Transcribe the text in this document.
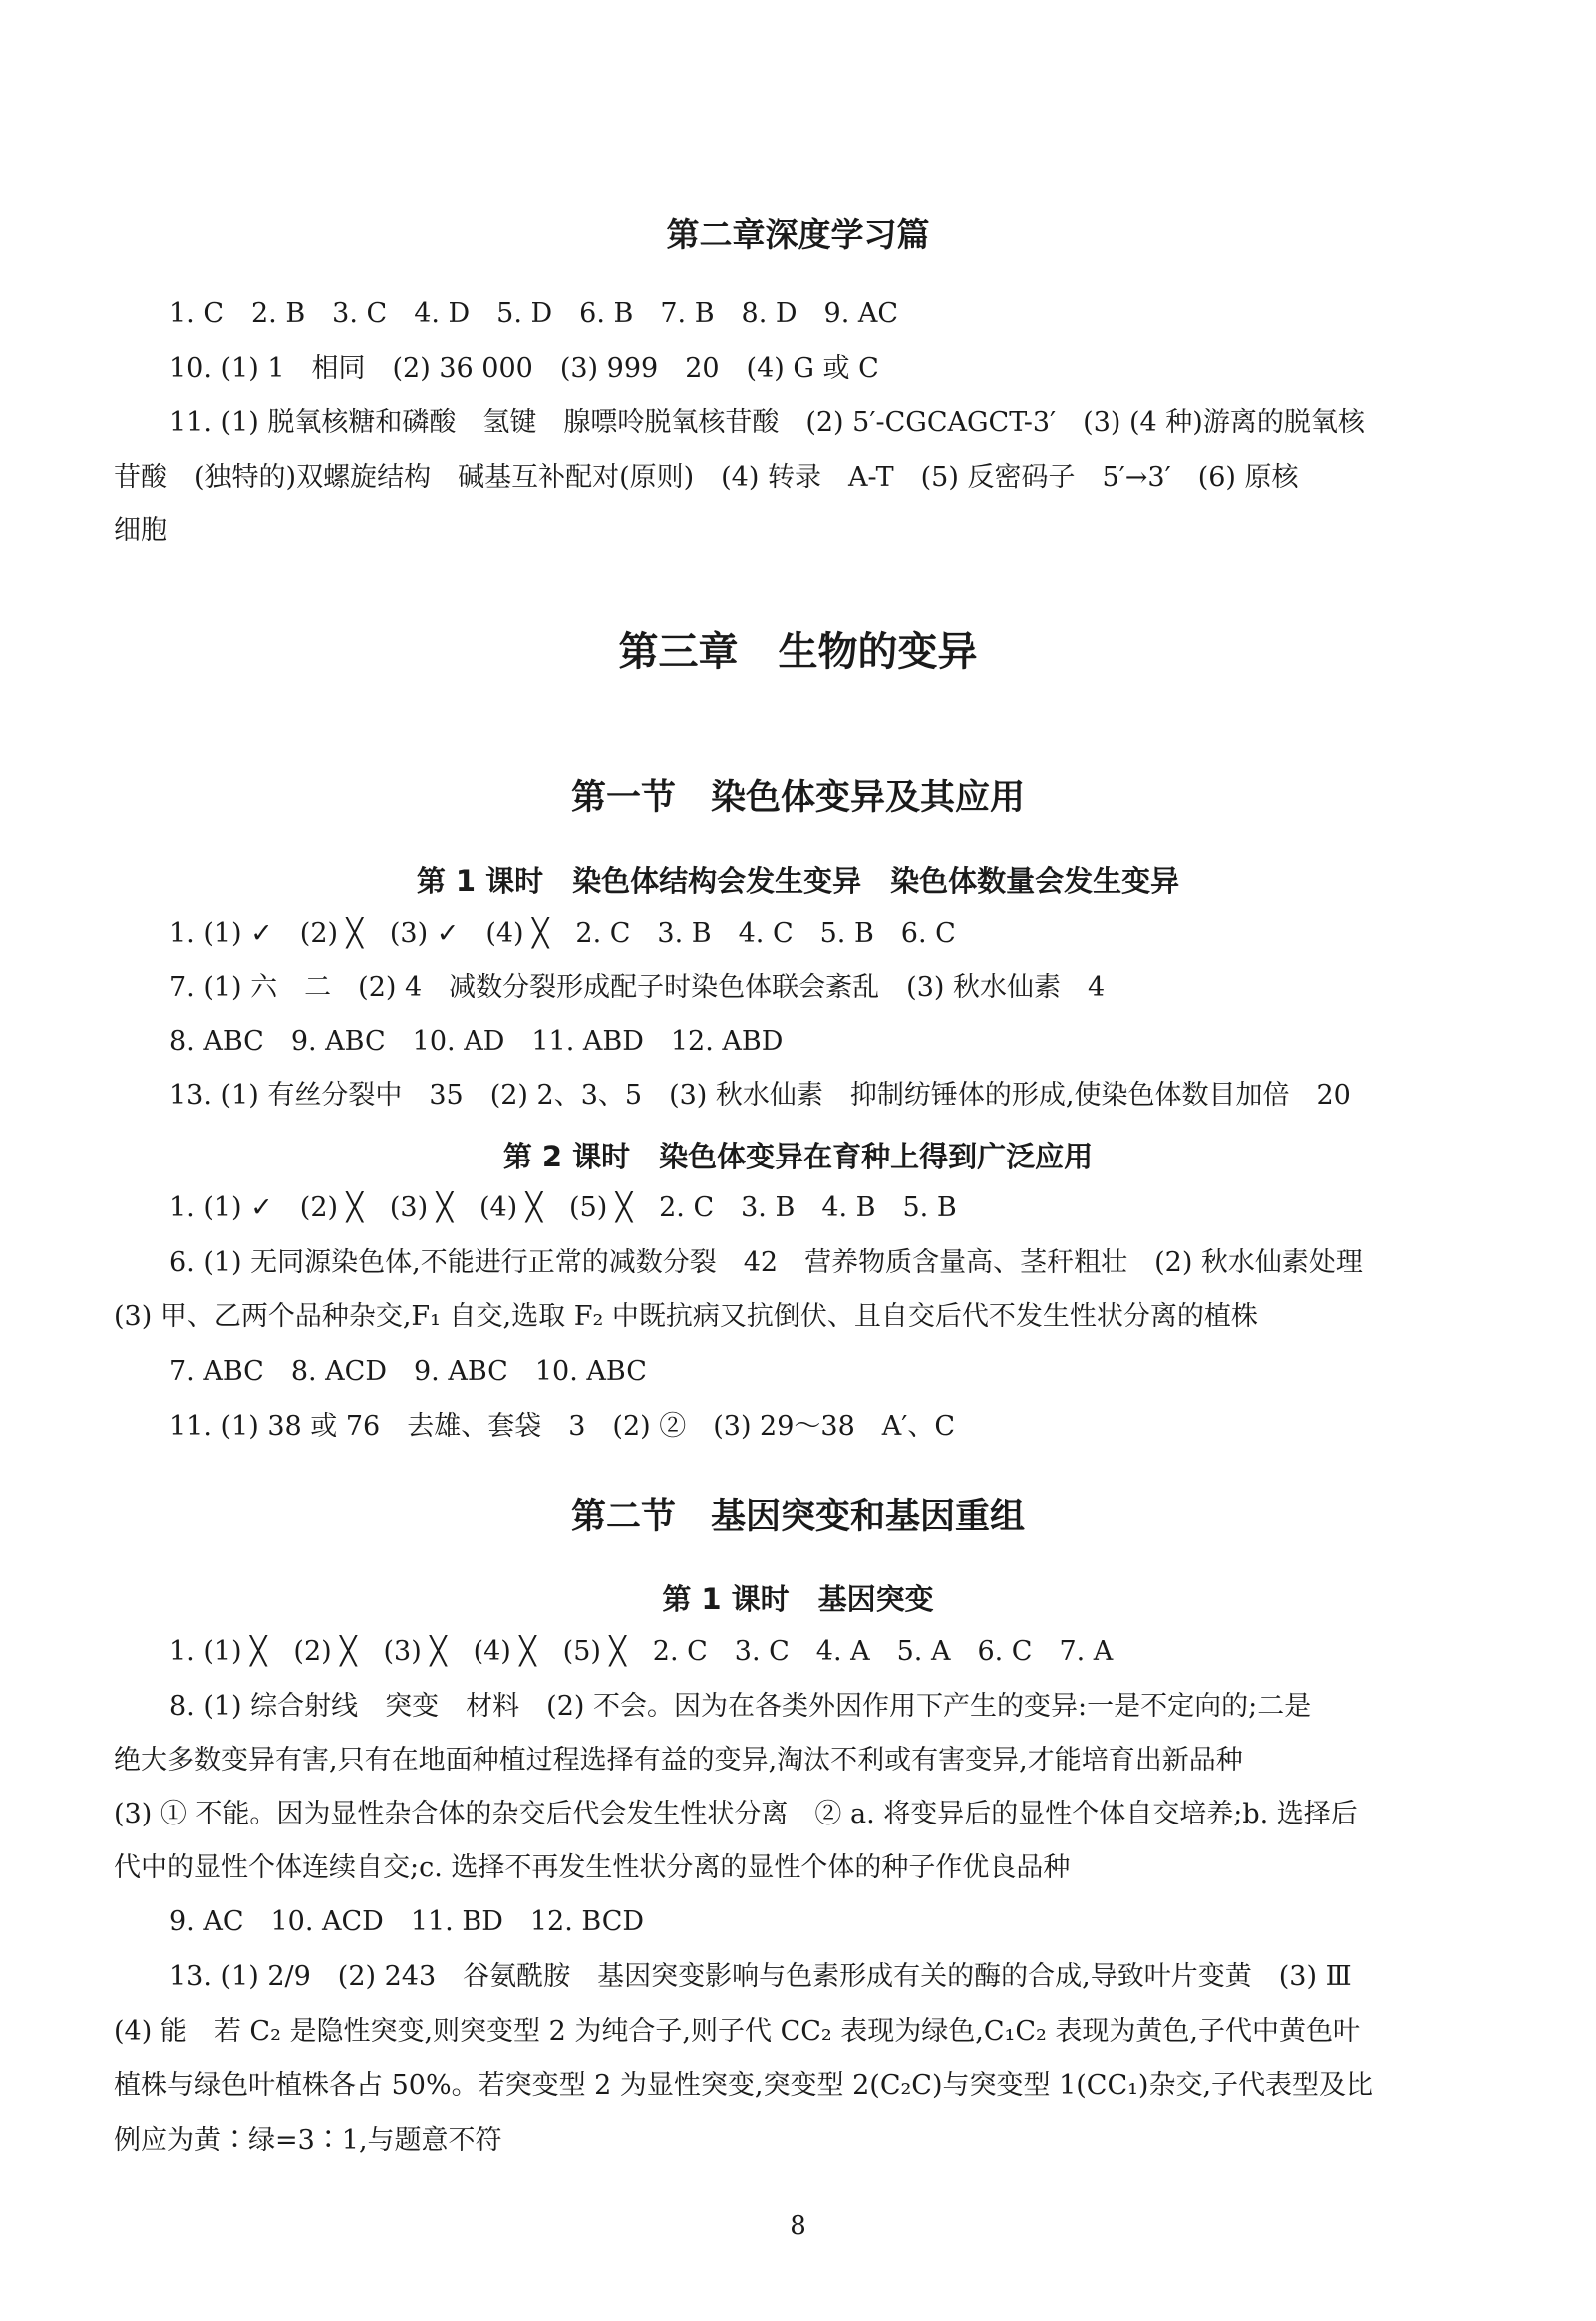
第二章深度学习篇
1. C　2. B　3. C　4. D　5. D　6. B　7. B　8. D　9. AC
10. (1) 1　相同　(2) 36 000　(3) 999　20　(4) G 或 C
11. (1) 脱氧核糖和磷酸　氢键　腺嘌呤脱氧核苷酸　(2) 5′-CGCAGCT-3′　(3) (4 种)游离的脱氧核
苷酸　(独特的)双螺旋结构　碱基互补配对(原则)　(4) 转录　A-T　(5) 反密码子　5′→3′　(6) 原核
细胞
第三章　生物的变异
第一节　染色体变异及其应用
第 1 课时　染色体结构会发生变异　染色体数量会发生变异
1. (1) ✓　(2) ╳　(3) ✓　(4) ╳　2. C　3. B　4. C　5. B　6. C
7. (1) 六　二　(2) 4　减数分裂形成配子时染色体联会紊乱　(3) 秋水仙素　4
8. ABC　9. ABC　10. AD　11. ABD　12. ABD
13. (1) 有丝分裂中　35　(2) 2、3、5　(3) 秋水仙素　抑制纺锤体的形成,使染色体数目加倍　20
第 2 课时　染色体变异在育种上得到广泛应用
1. (1) ✓　(2) ╳　(3) ╳　(4) ╳　(5) ╳　2. C　3. B　4. B　5. B
6. (1) 无同源染色体,不能进行正常的减数分裂　42　营养物质含量高、茎秆粗壮　(2) 秋水仙素处理
(3) 甲、乙两个品种杂交,F₁ 自交,选取 F₂ 中既抗病又抗倒伏、且自交后代不发生性状分离的植株
7. ABC　8. ACD　9. ABC　10. ABC
11. (1) 38 或 76　去雄、套袋　3　(2) ②　(3) 29～38　A′、C
第二节　基因突变和基因重组
第 1 课时　基因突变
1. (1) ╳　(2) ╳　(3) ╳　(4) ╳　(5) ╳　2. C　3. C　4. A　5. A　6. C　7. A
8. (1) 综合射线　突变　材料　(2) 不会。因为在各类外因作用下产生的变异:一是不定向的;二是
绝大多数变异有害,只有在地面种植过程选择有益的变异,淘汰不利或有害变异,才能培育出新品种
(3) ① 不能。因为显性杂合体的杂交后代会发生性状分离　② a. 将变异后的显性个体自交培养;b. 选择后
代中的显性个体连续自交;c. 选择不再发生性状分离的显性个体的种子作优良品种
9. AC　10. ACD　11. BD　12. BCD
13. (1) 2/9　(2) 243　谷氨酰胺　基因突变影响与色素形成有关的酶的合成,导致叶片变黄　(3) Ⅲ
(4) 能　若 C₂ 是隐性突变,则突变型 2 为纯合子,则子代 CC₂ 表现为绿色,C₁C₂ 表现为黄色,子代中黄色叶
植株与绿色叶植株各占 50%。若突变型 2 为显性突变,突变型 2(C₂C)与突变型 1(CC₁)杂交,子代表型及比
例应为黄∶绿=3∶1,与题意不符
8
